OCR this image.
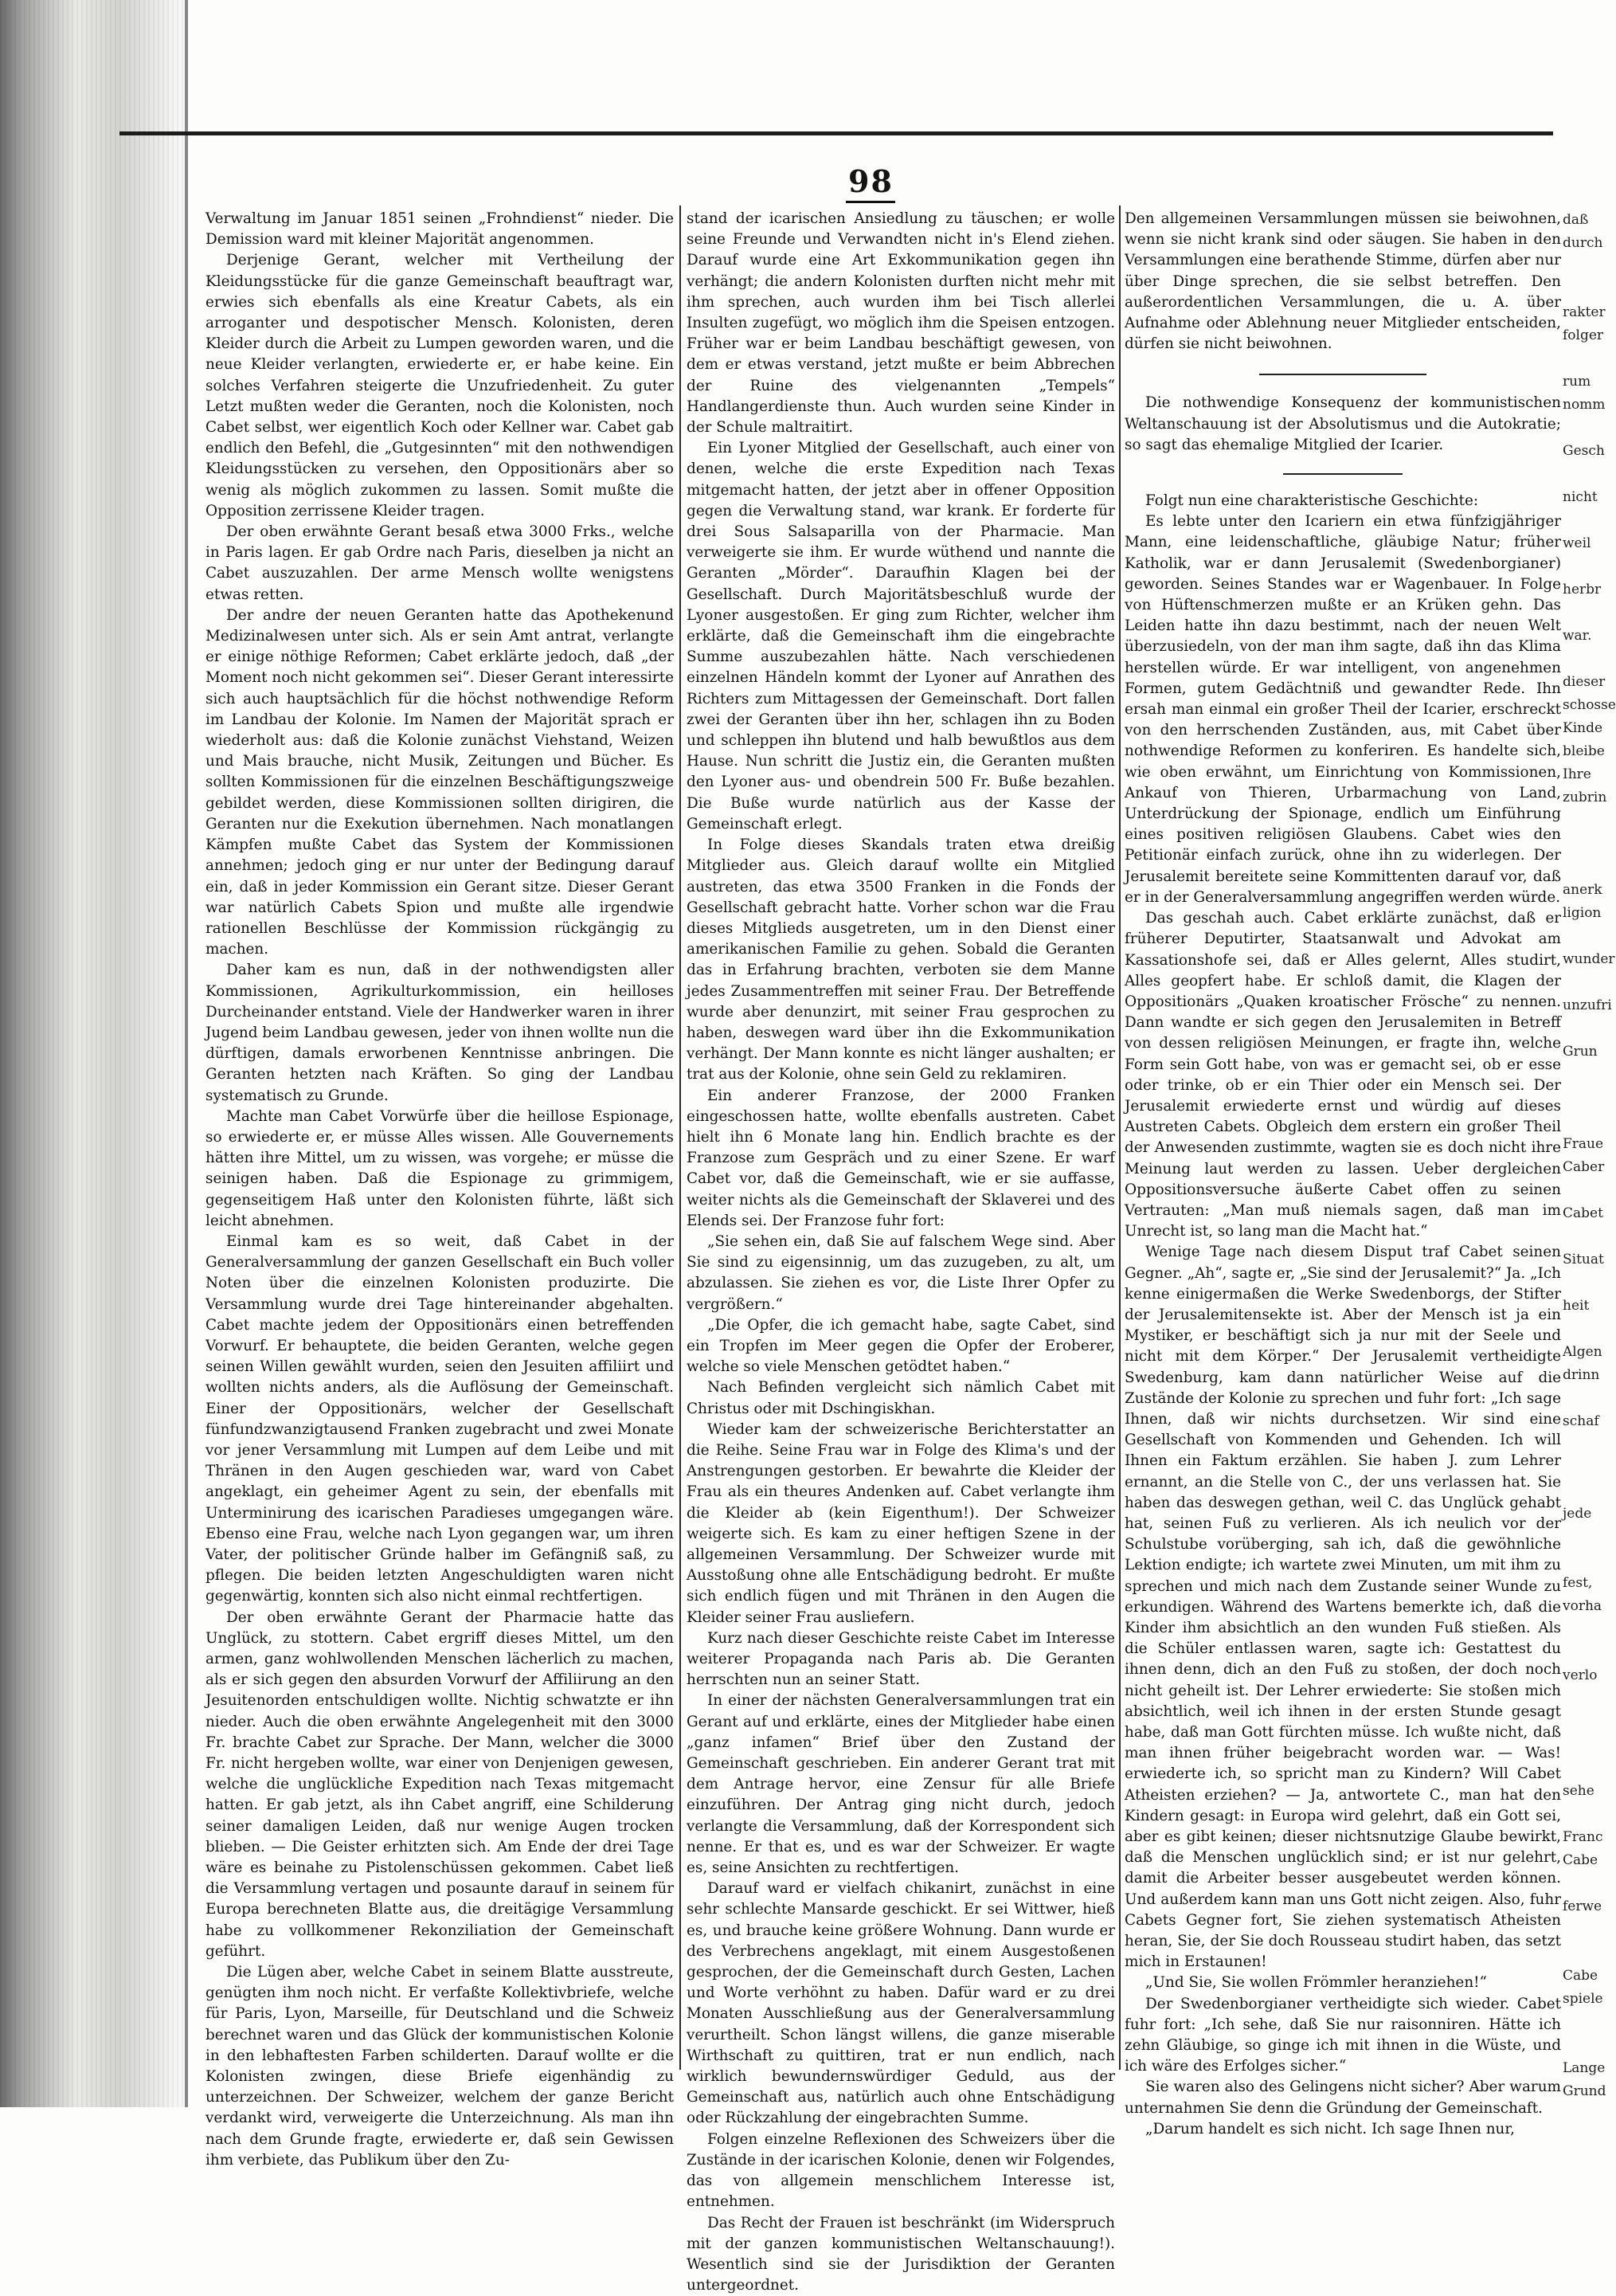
98

Verwaltung im Januar 1851 seinen „Frohndienst“ nieder. Die Demission ward mit kleiner Majorität angenommen.

Derjenige Gerant, welcher mit Vertheilung der Kleidungsstücke für die ganze Gemeinschaft beauftragt war, erwies sich ebenfalls als eine Kreatur Cabets, als ein arroganter und despotischer Mensch. Kolonisten, deren Kleider durch die Arbeit zu Lumpen geworden waren, und die neue Kleider verlangten, erwiederte er, er habe keine. Ein solches Verfahren steigerte die Unzufriedenheit. Zu guter Letzt mußten weder die Geranten, noch die Kolonisten, noch Cabet selbst, wer eigentlich Koch oder Kellner war. Cabet gab endlich den Befehl, die „Gutgesinnten“ mit den nothwendigen Kleidungsstücken zu versehen, den Oppositionärs aber so wenig als möglich zukommen zu lassen. Somit mußte die Opposition zerrissene Kleider tragen.

Der oben erwähnte Gerant besaß etwa 3000 Frks., welche in Paris lagen. Er gab Ordre nach Paris, dieselben ja nicht an Cabet auszuzahlen. Der arme Mensch wollte wenigstens etwas retten.

Der andre der neuen Geranten hatte das Apothekenund Medizinalwesen unter sich. Als er sein Amt antrat, verlangte er einige nöthige Reformen; Cabet erklärte jedoch, daß „der Moment noch nicht gekommen sei“. Dieser Gerant interessirte sich auch hauptsächlich für die höchst nothwendige Reform im Landbau der Kolonie. Im Namen der Majorität sprach er wiederholt aus: daß die Kolonie zunächst Viehstand, Weizen und Mais brauche, nicht Musik, Zeitungen und Bücher. Es sollten Kommissionen für die einzelnen Beschäftigungszweige gebildet werden, diese Kommissionen sollten dirigiren, die Geranten nur die Exekution übernehmen. Nach monatlangen Kämpfen mußte Cabet das System der Kommissionen annehmen; jedoch ging er nur unter der Bedingung darauf ein, daß in jeder Kommission ein Gerant sitze. Dieser Gerant war natürlich Cabets Spion und mußte alle irgendwie rationellen Beschlüsse der Kommission rückgängig zu machen.

Daher kam es nun, daß in der nothwendigsten aller Kommissionen, Agrikulturkommission, ein heilloses Durcheinander entstand. Viele der Handwerker waren in ihrer Jugend beim Landbau gewesen, jeder von ihnen wollte nun die dürftigen, damals erworbenen Kenntnisse anbringen. Die Geranten hetzten nach Kräften. So ging der Landbau systematisch zu Grunde.

Machte man Cabet Vorwürfe über die heillose Espionage, so erwiederte er, er müsse Alles wissen. Alle Gouvernements hätten ihre Mittel, um zu wissen, was vorgehe; er müsse die seinigen haben. Daß die Espionage zu grimmigem, gegenseitigem Haß unter den Kolonisten führte, läßt sich leicht abnehmen.

Einmal kam es so weit, daß Cabet in der Generalversammlung der ganzen Gesellschaft ein Buch voller Noten über die einzelnen Kolonisten produzirte. Die Versammlung wurde drei Tage hintereinander abgehalten. Cabet machte jedem der Oppositionärs einen betreffenden Vorwurf. Er behauptete, die beiden Geranten, welche gegen seinen Willen gewählt wurden, seien den Jesuiten affiliirt und wollten nichts anders, als die Auflösung der Gemeinschaft. Einer der Oppositionärs, welcher der Gesellschaft fünfundzwanzigtausend Franken zugebracht und zwei Monate vor jener Versammlung mit Lumpen auf dem Leibe und mit Thränen in den Augen geschieden war, ward von Cabet angeklagt, ein geheimer Agent zu sein, der ebenfalls mit Unterminirung des icarischen Paradieses umgegangen wäre. Ebenso eine Frau, welche nach Lyon gegangen war, um ihren Vater, der politischer Gründe halber im Gefängniß saß, zu pflegen. Die beiden letzten Angeschuldigten waren nicht gegenwärtig, konnten sich also nicht einmal rechtfertigen.

Der oben erwähnte Gerant der Pharmacie hatte das Unglück, zu stottern. Cabet ergriff dieses Mittel, um den armen, ganz wohlwollenden Menschen lächerlich zu machen, als er sich gegen den absurden Vorwurf der Affiliirung an den Jesuitenorden entschuldigen wollte. Nichtig schwatzte er ihn nieder. Auch die oben erwähnte Angelegenheit mit den 3000 Fr. brachte Cabet zur Sprache. Der Mann, welcher die 3000 Fr. nicht hergeben wollte, war einer von Denjenigen gewesen, welche die unglückliche Expedition nach Texas mitgemacht hatten. Er gab jetzt, als ihn Cabet angriff, eine Schilderung seiner damaligen Leiden, daß nur wenige Augen trocken blieben. — Die Geister erhitzten sich. Am Ende der drei Tage wäre es beinahe zu Pistolenschüssen gekommen. Cabet ließ die Versammlung vertagen und posaunte darauf in seinem für Europa berechneten Blatte aus, die dreitägige Versammlung habe zu vollkommener Rekonziliation der Gemeinschaft geführt.

Die Lügen aber, welche Cabet in seinem Blatte ausstreute, genügten ihm noch nicht. Er verfaßte Kollektivbriefe, welche für Paris, Lyon, Marseille, für Deutschland und die Schweiz berechnet waren und das Glück der kommunistischen Kolonie in den lebhaftesten Farben schilderten. Darauf wollte er die Kolonisten zwingen, diese Briefe eigenhändig zu unterzeichnen. Der Schweizer, welchem der ganze Bericht verdankt wird, verweigerte die Unterzeichnung. Als man ihn nach dem Grunde fragte, erwiederte er, daß sein Gewissen ihm verbiete, das Publikum über den Zu-

stand der icarischen Ansiedlung zu täuschen; er wolle seine Freunde und Verwandten nicht in's Elend ziehen. Darauf wurde eine Art Exkommunikation gegen ihn verhängt; die andern Kolonisten durften nicht mehr mit ihm sprechen, auch wurden ihm bei Tisch allerlei Insulten zugefügt, wo möglich ihm die Speisen entzogen. Früher war er beim Landbau beschäftigt gewesen, von dem er etwas verstand, jetzt mußte er beim Abbrechen der Ruine des vielgenannten „Tempels“ Handlangerdienste thun. Auch wurden seine Kinder in der Schule maltraitirt.

Ein Lyoner Mitglied der Gesellschaft, auch einer von denen, welche die erste Expedition nach Texas mitgemacht hatten, der jetzt aber in offener Opposition gegen die Verwaltung stand, war krank. Er forderte für drei Sous Salsaparilla von der Pharmacie. Man verweigerte sie ihm. Er wurde wüthend und nannte die Geranten „Mörder“. Daraufhin Klagen bei der Gesellschaft. Durch Majoritätsbeschluß wurde der Lyoner ausgestoßen. Er ging zum Richter, welcher ihm erklärte, daß die Gemeinschaft ihm die eingebrachte Summe auszubezahlen hätte. Nach verschiedenen einzelnen Händeln kommt der Lyoner auf Anrathen des Richters zum Mittagessen der Gemeinschaft. Dort fallen zwei der Geranten über ihn her, schlagen ihn zu Boden und schleppen ihn blutend und halb bewußtlos aus dem Hause. Nun schritt die Justiz ein, die Geranten mußten den Lyoner aus- und obendrein 500 Fr. Buße bezahlen. Die Buße wurde natürlich aus der Kasse der Gemeinschaft erlegt.

In Folge dieses Skandals traten etwa dreißig Mitglieder aus. Gleich darauf wollte ein Mitglied austreten, das etwa 3500 Franken in die Fonds der Gesellschaft gebracht hatte. Vorher schon war die Frau dieses Mitglieds ausgetreten, um in den Dienst einer amerikanischen Familie zu gehen. Sobald die Geranten das in Erfahrung brachten, verboten sie dem Manne jedes Zusammentreffen mit seiner Frau. Der Betreffende wurde aber denunzirt, mit seiner Frau gesprochen zu haben, deswegen ward über ihn die Exkommunikation verhängt. Der Mann konnte es nicht länger aushalten; er trat aus der Kolonie, ohne sein Geld zu reklamiren.

Ein anderer Franzose, der 2000 Franken eingeschossen hatte, wollte ebenfalls austreten. Cabet hielt ihn 6 Monate lang hin. Endlich brachte es der Franzose zum Gespräch und zu einer Szene. Er warf Cabet vor, daß die Gemeinschaft, wie er sie auffasse, weiter nichts als die Gemeinschaft der Sklaverei und des Elends sei. Der Franzose fuhr fort:

„Sie sehen ein, daß Sie auf falschem Wege sind. Aber Sie sind zu eigensinnig, um das zuzugeben, zu alt, um abzulassen. Sie ziehen es vor, die Liste Ihrer Opfer zu vergrößern.“

„Die Opfer, die ich gemacht habe, sagte Cabet, sind ein Tropfen im Meer gegen die Opfer der Eroberer, welche so viele Menschen getödtet haben.“

Nach Befinden vergleicht sich nämlich Cabet mit Christus oder mit Dschingiskhan.

Wieder kam der schweizerische Berichterstatter an die Reihe. Seine Frau war in Folge des Klima's und der Anstrengungen gestorben. Er bewahrte die Kleider der Frau als ein theures Andenken auf. Cabet verlangte ihm die Kleider ab (kein Eigenthum!). Der Schweizer weigerte sich. Es kam zu einer heftigen Szene in der allgemeinen Versammlung. Der Schweizer wurde mit Ausstoßung ohne alle Entschädigung bedroht. Er mußte sich endlich fügen und mit Thränen in den Augen die Kleider seiner Frau ausliefern.

Kurz nach dieser Geschichte reiste Cabet im Interesse weiterer Propaganda nach Paris ab. Die Geranten herrschten nun an seiner Statt.

In einer der nächsten Generalversammlungen trat ein Gerant auf und erklärte, eines der Mitglieder habe einen „ganz infamen“ Brief über den Zustand der Gemeinschaft geschrieben. Ein anderer Gerant trat mit dem Antrage hervor, eine Zensur für alle Briefe einzuführen. Der Antrag ging nicht durch, jedoch verlangte die Versammlung, daß der Korrespondent sich nenne. Er that es, und es war der Schweizer. Er wagte es, seine Ansichten zu rechtfertigen.

Darauf ward er vielfach chikanirt, zunächst in eine sehr schlechte Mansarde geschickt. Er sei Wittwer, hieß es, und brauche keine größere Wohnung. Dann wurde er des Verbrechens angeklagt, mit einem Ausgestoßenen gesprochen, der die Gemeinschaft durch Gesten, Lachen und Worte verhöhnt zu haben. Dafür ward er zu drei Monaten Ausschließung aus der Generalversammlung verurtheilt. Schon längst willens, die ganze miserable Wirthschaft zu quittiren, trat er nun endlich, nach wirklich bewundernswürdiger Geduld, aus der Gemeinschaft aus, natürlich auch ohne Entschädigung oder Rückzahlung der eingebrachten Summe.

Folgen einzelne Reflexionen des Schweizers über die Zustände in der icarischen Kolonie, denen wir Folgendes, das von allgemein menschlichem Interesse ist, entnehmen.

Das Recht der Frauen ist beschränkt (im Widerspruch mit der ganzen kommunistischen Weltanschauung!). Wesentlich sind sie der Jurisdiktion der Geranten untergeordnet.

Den allgemeinen Versammlungen müssen sie beiwohnen, wenn sie nicht krank sind oder säugen. Sie haben in den Versammlungen eine berathende Stimme, dürfen aber nur über Dinge sprechen, die sie selbst betreffen. Den außerordentlichen Versammlungen, die u. A. über Aufnahme oder Ablehnung neuer Mitglieder entscheiden, dürfen sie nicht beiwohnen.

Die nothwendige Konsequenz der kommunistischen Weltanschauung ist der Absolutismus und die Autokratie; so sagt das ehemalige Mitglied der Icarier.

Folgt nun eine charakteristische Geschichte:

Es lebte unter den Icariern ein etwa fünfzigjähriger Mann, eine leidenschaftliche, gläubige Natur; früher Katholik, war er dann Jerusalemit (Swedenborgianer) geworden. Seines Standes war er Wagenbauer. In Folge von Hüftenschmerzen mußte er an Krüken gehn. Das Leiden hatte ihn dazu bestimmt, nach der neuen Welt überzusiedeln, von der man ihm sagte, daß ihn das Klima herstellen würde. Er war intelligent, von angenehmen Formen, gutem Gedächtniß und gewandter Rede. Ihn ersah man einmal ein großer Theil der Icarier, erschreckt von den herrschenden Zuständen, aus, mit Cabet über nothwendige Reformen zu konferiren. Es handelte sich, wie oben erwähnt, um Einrichtung von Kommissionen, Ankauf von Thieren, Urbarmachung von Land, Unterdrückung der Spionage, endlich um Einführung eines positiven religiösen Glaubens. Cabet wies den Petitionär einfach zurück, ohne ihn zu widerlegen. Der Jerusalemit bereitete seine Kommittenten darauf vor, daß er in der Generalversammlung angegriffen werden würde.

Das geschah auch. Cabet erklärte zunächst, daß er früherer Deputirter, Staatsanwalt und Advokat am Kassationshofe sei, daß er Alles gelernt, Alles studirt, Alles geopfert habe. Er schloß damit, die Klagen der Oppositionärs „Quaken kroatischer Frösche“ zu nennen. Dann wandte er sich gegen den Jerusalemiten in Betreff von dessen religiösen Meinungen, er fragte ihn, welche Form sein Gott habe, von was er gemacht sei, ob er esse oder trinke, ob er ein Thier oder ein Mensch sei. Der Jerusalemit erwiederte ernst und würdig auf dieses Austreten Cabets. Obgleich dem erstern ein großer Theil der Anwesenden zustimmte, wagten sie es doch nicht ihre Meinung laut werden zu lassen. Ueber dergleichen Oppositionsversuche äußerte Cabet offen zu seinen Vertrauten: „Man muß niemals sagen, daß man im Unrecht ist, so lang man die Macht hat.“

Wenige Tage nach diesem Disput traf Cabet seinen Gegner. „Ah“, sagte er, „Sie sind der Jerusalemit?“ Ja. „Ich kenne einigermaßen die Werke Swedenborgs, der Stifter der Jerusalemitensekte ist. Aber der Mensch ist ja ein Mystiker, er beschäftigt sich ja nur mit der Seele und nicht mit dem Körper.“ Der Jerusalemit vertheidigte Swedenburg, kam dann natürlicher Weise auf die Zustände der Kolonie zu sprechen und fuhr fort: „Ich sage Ihnen, daß wir nichts durchsetzen. Wir sind eine Gesellschaft von Kommenden und Gehenden. Ich will Ihnen ein Faktum erzählen. Sie haben J. zum Lehrer ernannt, an die Stelle von C., der uns verlassen hat. Sie haben das deswegen gethan, weil C. das Unglück gehabt hat, seinen Fuß zu verlieren. Als ich neulich vor der Schulstube vorüberging, sah ich, daß die gewöhnliche Lektion endigte; ich wartete zwei Minuten, um mit ihm zu sprechen und mich nach dem Zustande seiner Wunde zu erkundigen. Während des Wartens bemerkte ich, daß die Kinder ihm absichtlich an den wunden Fuß stießen. Als die Schüler entlassen waren, sagte ich: Gestattest du ihnen denn, dich an den Fuß zu stoßen, der doch noch nicht geheilt ist. Der Lehrer erwiederte: Sie stoßen mich absichtlich, weil ich ihnen in der ersten Stunde gesagt habe, daß man Gott fürchten müsse. Ich wußte nicht, daß man ihnen früher beigebracht worden war. — Was! erwiederte ich, so spricht man zu Kindern? Will Cabet Atheisten erziehen? — Ja, antwortete C., man hat den Kindern gesagt: in Europa wird gelehrt, daß ein Gott sei, aber es gibt keinen; dieser nichtsnutzige Glaube bewirkt, daß die Menschen unglücklich sind; er ist nur gelehrt, damit die Arbeiter besser ausgebeutet werden können. Und außerdem kann man uns Gott nicht zeigen. Also, fuhr Cabets Gegner fort, Sie ziehen systematisch Atheisten heran, Sie, der Sie doch Rousseau studirt haben, das setzt mich in Erstaunen!

„Und Sie, Sie wollen Frömmler heranziehen!“

Der Swedenborgianer vertheidigte sich wieder. Cabet fuhr fort: „Ich sehe, daß Sie nur raisonniren. Hätte ich zehn Gläubige, so ginge ich mit ihnen in die Wüste, und ich wäre des Erfolges sicher.“

Sie waren also des Gelingens nicht sicher? Aber warum unternahmen Sie denn die Gründung der Gemeinschaft.

„Darum handelt es sich nicht. Ich sage Ihnen nur,

daß
durch
rakter
folger
rum
nomm
Gesch
nicht
weil
herbr
war.
dieser
schosse
Kinde
bleibe
Ihre
zubrin
anerk
ligion
wunder
unzufri
Grun
Fraue
Caber
Cabet
Situat
heit
Algen
drinn
schaf
jede
fest,
vorha
verlo
sehe
Franc
Cabe
ferwe
Cabe
spiele
Lange
Grund
